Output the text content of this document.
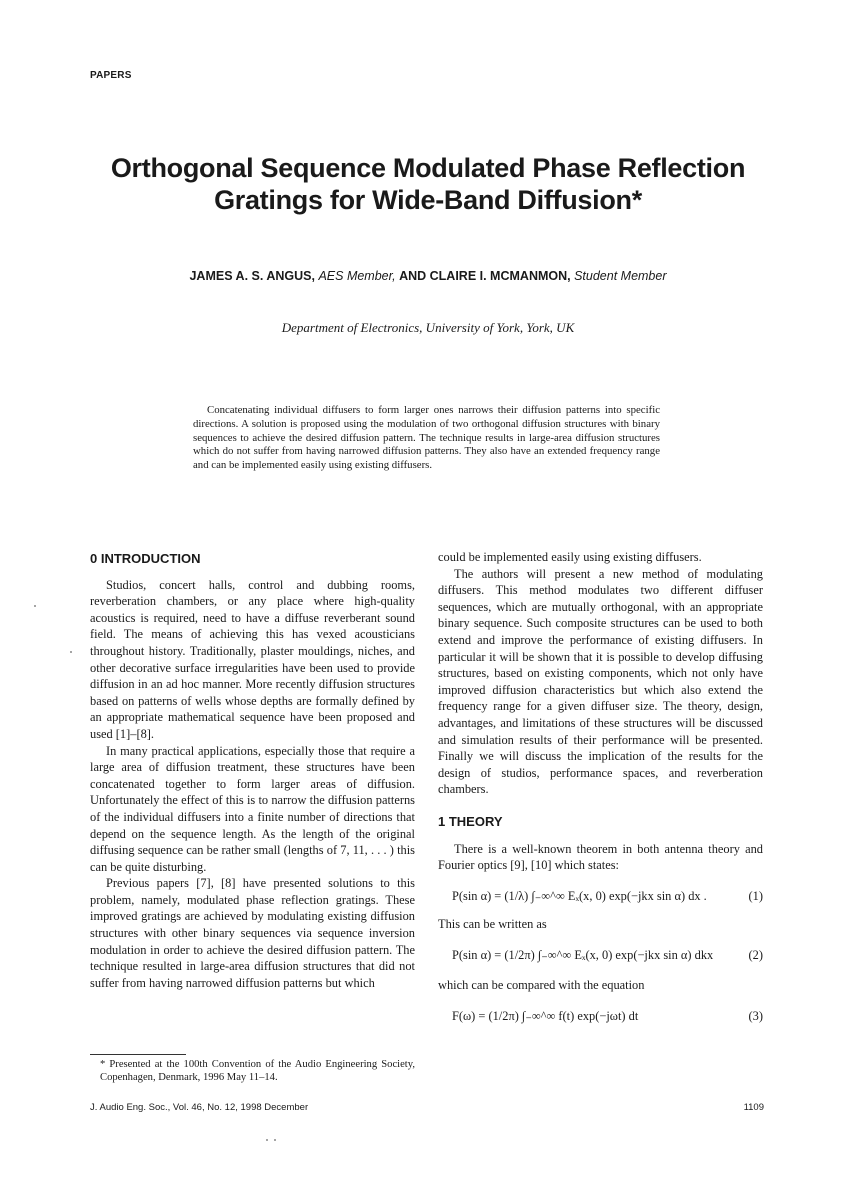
PAPERS
Orthogonal Sequence Modulated Phase Reflection
Gratings for Wide-Band Diffusion*
JAMES A. S. ANGUS, AES Member, AND CLAIRE I. MCMANMON, Student Member
Department of Electronics, University of York, York, UK
Concatenating individual diffusers to form larger ones narrows their diffusion patterns into specific directions. A solution is proposed using the modulation of two orthogonal diffusion structures with binary sequences to achieve the desired diffusion pattern. The technique results in large-area diffusion structures which do not suffer from having narrowed diffusion patterns. They also have an extended frequency range and can be implemented easily using existing diffusers.

0 INTRODUCTION

Studios, concert halls, control and dubbing rooms, reverberation chambers, or any place where high-quality acoustics is required, need to have a diffuse reverberant sound field. The means of achieving this has vexed acousticians throughout history. Traditionally, plaster mouldings, niches, and other decorative surface irregularities have been used to provide diffusion in an ad hoc manner. More recently diffusion structures based on patterns of wells whose depths are formally defined by an appropriate mathematical sequence have been proposed and used [1]–[8].

In many practical applications, especially those that require a large area of diffusion treatment, these structures have been concatenated together to form larger areas of diffusion. Unfortunately the effect of this is to narrow the diffusion patterns of the individual diffusers into a finite number of directions that depend on the sequence length. As the length of the original diffusing sequence can be rather small (lengths of 7, 11, . . . ) this can be quite disturbing.

Previous papers [7], [8] have presented solutions to this problem, namely, modulated phase reflection gratings. These improved gratings are achieved by modulating existing diffusion structures with other binary sequences via sequence inversion modulation in order to achieve the desired diffusion pattern. The technique resulted in large-area diffusion structures that did not suffer from having narrowed diffusion patterns but which

* Presented at the 100th Convention of the Audio Engineering Society, Copenhagen, Denmark, 1996 May 11–14.

could be implemented easily using existing diffusers.

The authors will present a new method of modulating diffusers. This method modulates two different diffuser sequences, which are mutually orthogonal, with an appropriate binary sequence. Such composite structures can be used to both extend and improve the performance of existing diffusers. In particular it will be shown that it is possible to develop diffusing structures, based on existing components, which not only have improved diffusion characteristics but which also extend the frequency range for a given diffuser size. The theory, design, advantages, and limitations of these structures will be discussed and simulation results of their performance will be presented. Finally we will discuss the implication of the results for the design of studios, performance spaces, and reverberation chambers.

1 THEORY

There is a well-known theorem in both antenna theory and Fourier optics [9], [10] which states:

P(sin α) = (1/λ) ∫₋∞^∞ Eₓ(x, 0) exp(−jkx sin α) dx .	(1)

This can be written as

P(sin α) = (1/2π) ∫₋∞^∞ Eₓ(x, 0) exp(−jkx sin α) dkx	(2)

which can be compared with the equation

F(ω) = (1/2π) ∫₋∞^∞ f(t) exp(−jωt) dt	(3)
J. Audio Eng. Soc., Vol. 46, No. 12, 1998 December	1109
